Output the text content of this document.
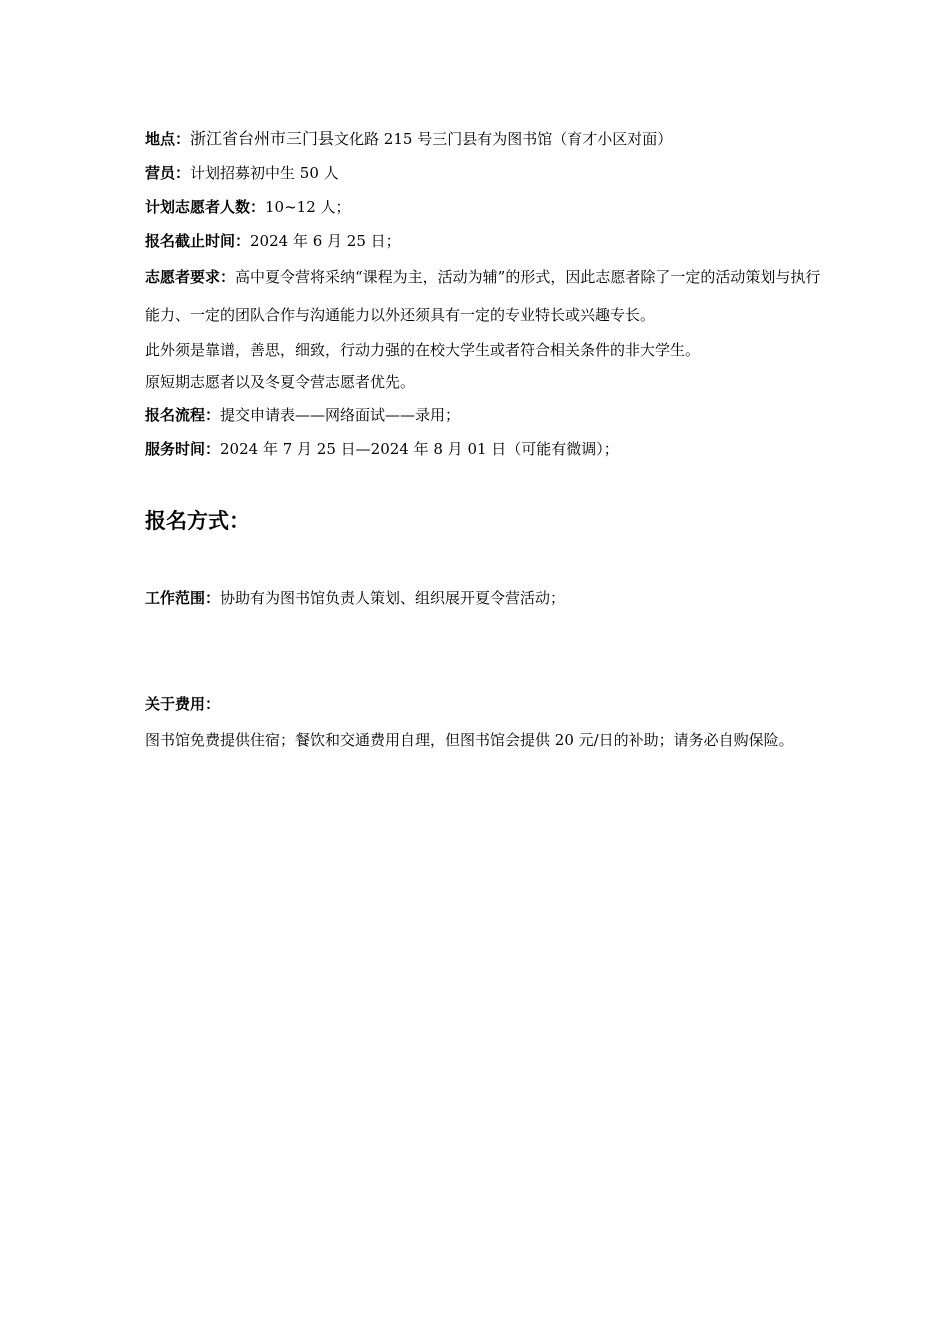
地点：浙江省台州市三门县文化路 215 号三门县有为图书馆（育才小区对面）
营员：计划招募初中生 50 人
计划志愿者人数：10~12 人；
报名截止时间：2024 年 6 月 25 日；
志愿者要求：高中夏令营将采纳“课程为主，活动为辅”的形式，因此志愿者除了一定的活动策划与执行能力、一定的团队合作与沟通能力以外还须具有一定的专业特长或兴趣专长。
此外须是靠谱，善思，细致，行动力强的在校大学生或者符合相关条件的非大学生。
原短期志愿者以及冬夏令营志愿者优先。
报名流程：提交申请表——网络面试——录用；
服务时间：2024 年 7 月 25 日—2024 年 8 月 01 日（可能有微调）；
报名方式：
工作范围：协助有为图书馆负责人策划、组织展开夏令营活动；
关于费用：
图书馆免费提供住宿；餐饮和交通费用自理，但图书馆会提供 20 元/日的补助；请务必自购保险。
